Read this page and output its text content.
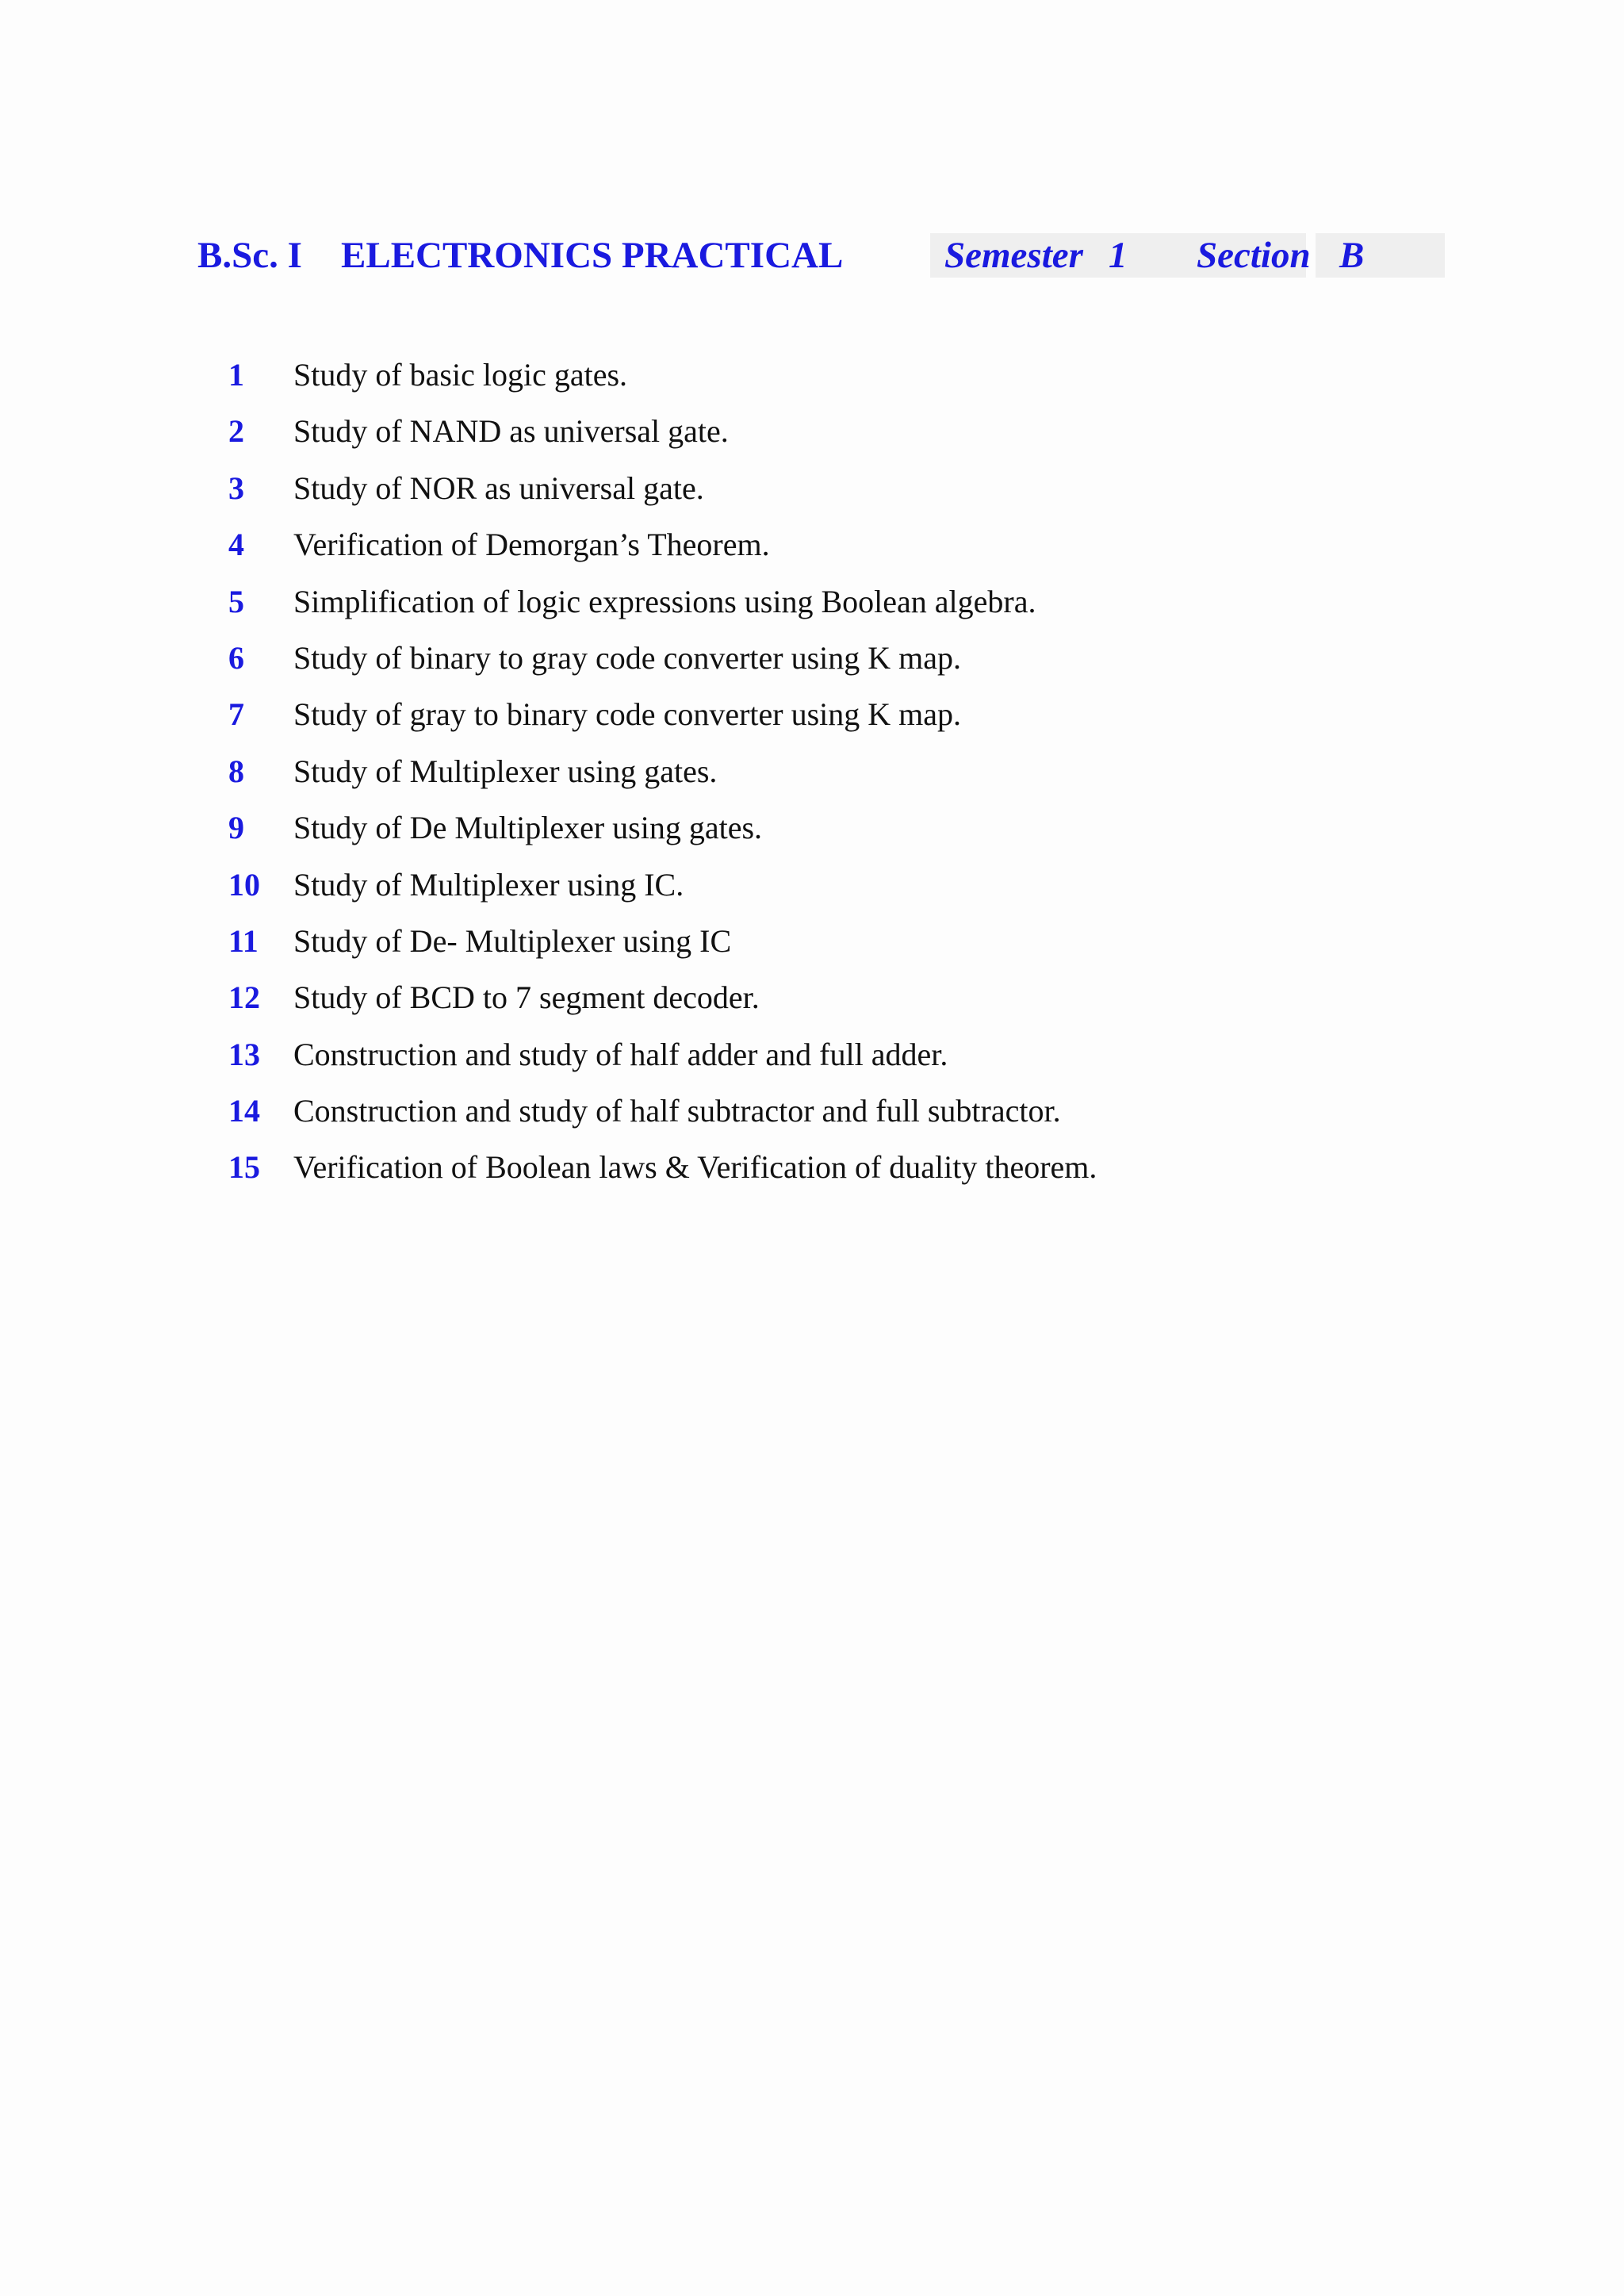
B.Sc. I ELECTRONICS PRACTICAL	Semester 1 Section B
1 Study of basic logic gates.
2 Study of NAND as universal gate.
3 Study of NOR as universal gate.
4 Verification of Demorgan’s Theorem.
5 Simplification of logic expressions using Boolean algebra.
6 Study of binary to gray code converter using K map.
7 Study of gray to binary code converter using K map.
8 Study of Multiplexer using gates.
9 Study of De Multiplexer using gates.
10 Study of Multiplexer using IC.
11 Study of De- Multiplexer using IC
12 Study of BCD to 7 segment decoder.
13 Construction and study of half adder and full adder.
14 Construction and study of half subtractor and full subtractor.
15 Verification of Boolean laws & Verification of duality theorem.
